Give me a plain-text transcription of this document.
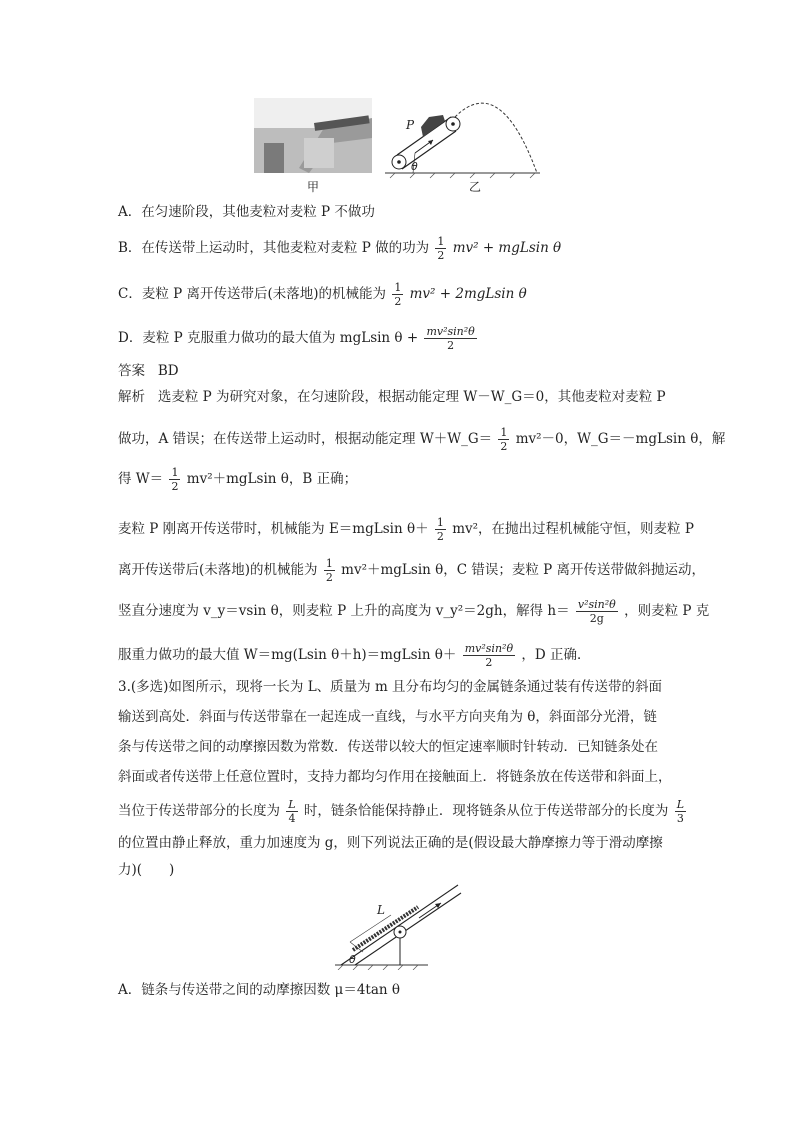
甲
P
θ
乙
A．在匀速阶段，其他麦粒对麦粒 P 不做功
B．在传送带上运动时，其他麦粒对麦粒 P 做的功为 $\frac{1}{2} mv^2 + mgLsin$ θ
C．麦粒 P 离开传送带后(未落地)的机械能为 $\frac{1}{2} mv^2 + 2mgLsin$ θ
D．麦粒 P 克服重力做功的最大值为 mgLsin $\theta + \frac{\text{mv²sin²θ}}{2}$
答案 BD
解析 选麦粒 P 为研究对象，在匀速阶段，根据动能定理 W－W_G＝0，其他麦粒对麦粒 P
做功，A 错误；在传送带上运动时，根据动能定理 W＋W_G＝ $\frac{1}{2} mv^2-0$，W_G＝－mgLsin θ，解
得 $W= \frac{1}{2} mv^2+mgLsin$ θ，B 正确；
麦粒 P 刚离开传送带时，机械能为 E＝mgLsin $\theta+ \frac{1}{2} mv^2$，在抛出过程机械能守恒，则麦粒 P
离开传送带后(未落地)的机械能为 $\frac{1}{2} mv^2+mgLsin$ θ，C 错误；麦粒 P 离开传送带做斜抛运动，
竖直分速度为 v_y＝vsin θ，则麦粒 P 上升的高度为 v_y²＝2gh，解得 $h= \frac{\text{v²sin²θ}}{2g}$ ，则麦粒 P 克
服重力做功的最大值 W＝mg(Lsin θ＋h)＝mgLsin $\theta+ \frac{\text{mv²sin²θ}}{2}$ ，D 正确．
3.(多选)如图所示，现将一长为 L、质量为 m 且分布均匀的金属链条通过装有传送带的斜面
输送到高处．斜面与传送带靠在一起连成一直线，与水平方向夹角为 θ，斜面部分光滑，链
条与传送带之间的动摩擦因数为常数．传送带以较大的恒定速率顺时针转动．已知链条处在
斜面或者传送带上任意位置时，支持力都均匀作用在接触面上．将链条放在传送带和斜面上，
当位于传送带部分的长度为 $\frac{L}{4}$ 时，链条恰能保持静止．现将链条从位于传送带部分的长度为 $\frac{L}{3}$
的位置由静止释放，重力加速度为 g，则下列说法正确的是(假设最大静摩擦力等于滑动摩擦
力)(　　)
L
θ
A．链条与传送带之间的动摩擦因数 μ＝4tan θ
